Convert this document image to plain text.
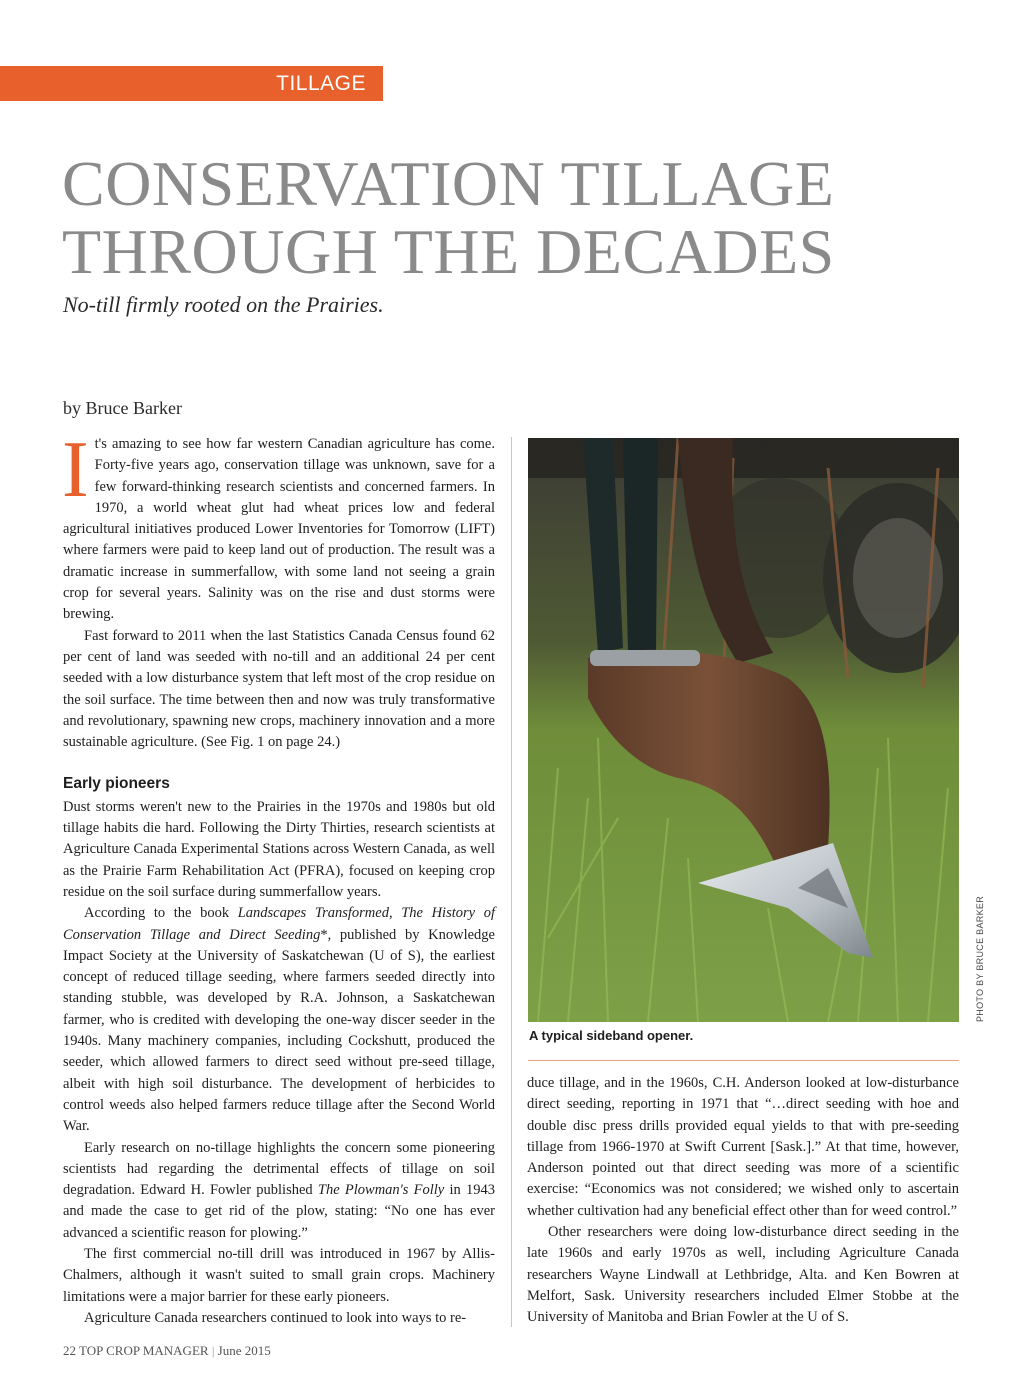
TILLAGE
CONSERVATION TILLAGE
THROUGH THE DECADES

No-till firmly rooted on the Prairies.

by Bruce Barker

It's amazing to see how far western Canadian agriculture has come. Forty-five years ago, conservation tillage was unknown, save for a few forward-thinking research scientists and concerned farmers. In 1970, a world wheat glut had wheat prices low and federal agricultural initiatives produced Lower Inventories for Tomorrow (LIFT) where farmers were paid to keep land out of production. The result was a dramatic increase in summerfallow, with some land not seeing a grain crop for several years. Salinity was on the rise and dust storms were brewing.

Fast forward to 2011 when the last Statistics Canada Census found 62 per cent of land was seeded with no-till and an additional 24 per cent seeded with a low disturbance system that left most of the crop residue on the soil surface. The time between then and now was truly transformative and revolutionary, spawning new crops, machinery innovation and a more sustainable agriculture. (See Fig. 1 on page 24.)

Early pioneers

Dust storms weren't new to the Prairies in the 1970s and 1980s but old tillage habits die hard. Following the Dirty Thirties, research scientists at Agriculture Canada Experimental Stations across Western Canada, as well as the Prairie Farm Rehabilitation Act (PFRA), focused on keeping crop residue on the soil surface during summerfallow years.

According to the book Landscapes Transformed, The History of Conservation Tillage and Direct Seeding*, published by Knowledge Impact Society at the University of Saskatchewan (U of S), the earliest concept of reduced tillage seeding, where farmers seeded directly into standing stubble, was developed by R.A. Johnson, a Saskatchewan farmer, who is credited with developing the one-way discer seeder in the 1940s. Many machinery companies, including Cockshutt, produced the seeder, which allowed farmers to direct seed without pre-seed tillage, albeit with high soil disturbance. The development of herbicides to control weeds also helped farmers reduce tillage after the Second World War.

Early research on no-tillage highlights the concern some pioneering scientists had regarding the detrimental effects of tillage on soil degradation. Edward H. Fowler published The Plowman's Folly in 1943 and made the case to get rid of the plow, stating: “No one has ever advanced a scientific reason for plowing.”

The first commercial no-till drill was introduced in 1967 by Allis-Chalmers, although it wasn't suited to small grain crops. Machinery limitations were a major barrier for these early pioneers.

Agriculture Canada researchers continued to look into ways to re-

PHOTO BY BRUCE BARKER

A typical sideband opener.

duce tillage, and in the 1960s, C.H. Anderson looked at low-disturbance direct seeding, reporting in 1971 that “…direct seeding with hoe and double disc press drills provided equal yields to that with pre-seeding tillage from 1966-1970 at Swift Current [Sask.].” At that time, however, Anderson pointed out that direct seeding was more of a scientific exercise: “Economics was not considered; we wished only to ascertain whether cultivation had any beneficial effect other than for weed control.”

Other researchers were doing low-disturbance direct seeding in the late 1960s and early 1970s as well, including Agriculture Canada researchers Wayne Lindwall at Lethbridge, Alta. and Ken Bowren at Melfort, Sask. University researchers included Elmer Stobbe at the University of Manitoba and Brian Fowler at the U of S.

22 TOP CROP MANAGER | June 2015
